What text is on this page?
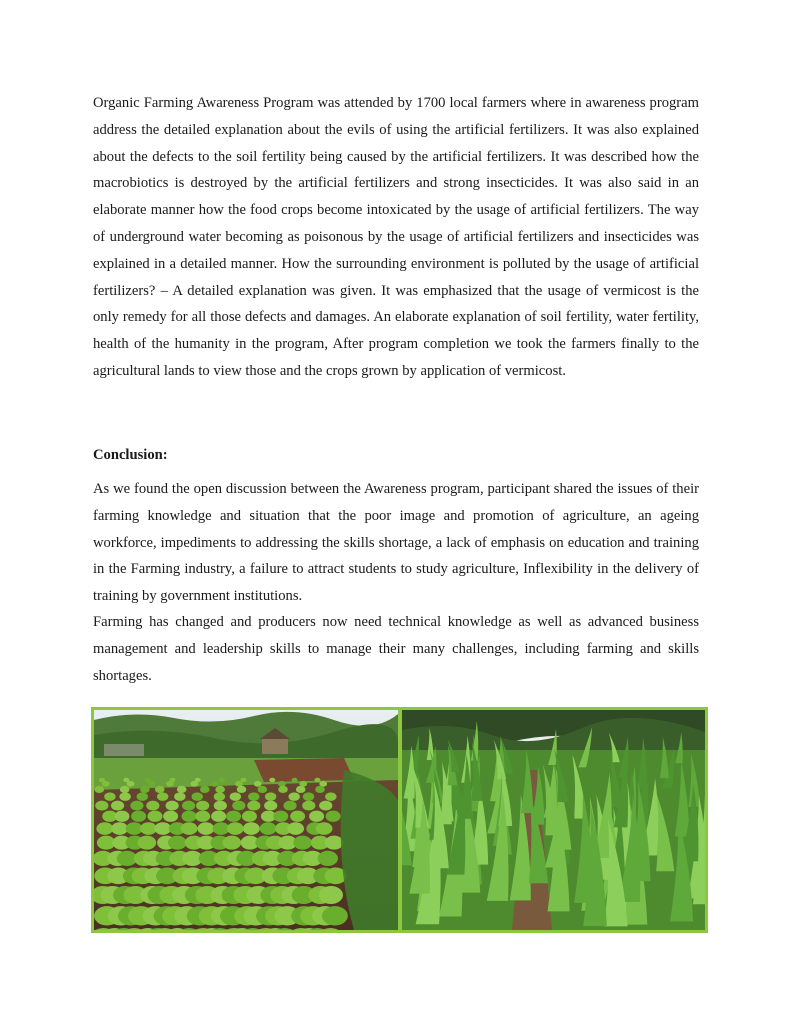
Organic Farming Awareness Program was attended by 1700 local farmers where in awareness program address the detailed explanation about the evils of using the artificial fertilizers. It was also explained about the defects to the soil fertility being caused by the artificial fertilizers. It was described how the macrobiotics is destroyed by the artificial fertilizers and strong insecticides. It was also said in an elaborate manner how the food crops become intoxicated by the usage of artificial fertilizers. The way of underground water becoming as poisonous by the usage of artificial fertilizers and insecticides was explained in a detailed manner. How the surrounding environment is polluted by the usage of artificial fertilizers? – A detailed explanation was given. It was emphasized that the usage of vermicost is the only remedy for all those defects and damages. An elaborate explanation of soil fertility, water fertility, health of the humanity in the program, After program completion we took the farmers finally to the agricultural lands to view those and the crops grown by application of vermicost.

Conclusion:

As we found the open discussion between the Awareness program, participant shared the issues of their farming knowledge and situation that the poor image and promotion of agriculture, an ageing workforce, impediments to addressing the skills shortage, a lack of emphasis on education and training in the Farming industry, a failure to attract students to study agriculture, Inflexibility in the delivery of training by government institutions.

Farming has changed and producers now need technical knowledge as well as advanced business management and leadership skills to manage their many challenges, including farming and skills shortages.
